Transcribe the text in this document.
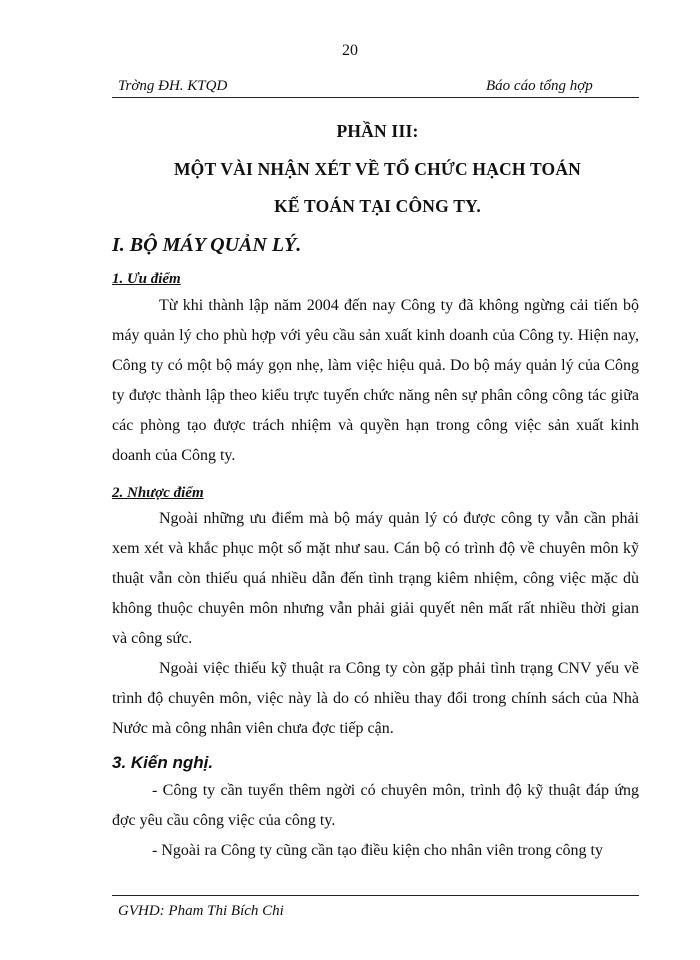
20
Trờng ĐH. KTQD	Báo cáo tổng hợp
PHẦN III:
MỘT VÀI NHẬN XÉT VỀ TỔ CHỨC HẠCH TOÁN
KẾ TOÁN TẠI CÔNG TY.
I. BỘ MÁY QUẢN LÝ.
1. Ưu điểm

Từ khi thành lập năm 2004 đến nay Công ty đã không ngừng cải tiến bộ máy quản lý cho phù hợp với yêu cầu sản xuất kinh doanh của Công ty. Hiện nay, Công ty có một bộ máy gọn nhẹ, làm việc hiệu quả. Do bộ máy quản lý của Công ty được thành lập theo kiểu trực tuyến chức năng nên sự phân công công tác giữa các phòng tạo được trách nhiệm và quyền hạn trong công việc sản xuất kinh doanh của Công ty.

2. Nhược điểm

Ngoài những ưu điểm mà bộ máy quản lý có được công ty vẫn cần phải xem xét và khắc phục một số mặt như sau. Cán bộ có trình độ về chuyên môn kỹ thuật vẫn còn thiếu quá nhiều dẫn đến tình trạng kiêm nhiệm, công việc mặc dù không thuộc chuyên môn nhưng vẫn phải giải quyết nên mất rất nhiều thời gian và công sức.

Ngoài việc thiếu kỹ thuật ra Công ty còn gặp phải tình trạng CNV yếu về trình độ chuyên môn, việc này là do có nhiều thay đổi trong chính sách của Nhà Nước mà công nhân viên chưa đợc tiếp cận.

3. Kiến nghị.

- Công ty cần tuyển thêm ngời có chuyên môn, trình độ kỹ thuật đáp ứng đợc yêu cầu công việc của công ty.

- Ngoài ra Công ty cũng cần tạo điều kiện cho nhân viên trong công ty

GVHD: Pham Thi Bích Chi
